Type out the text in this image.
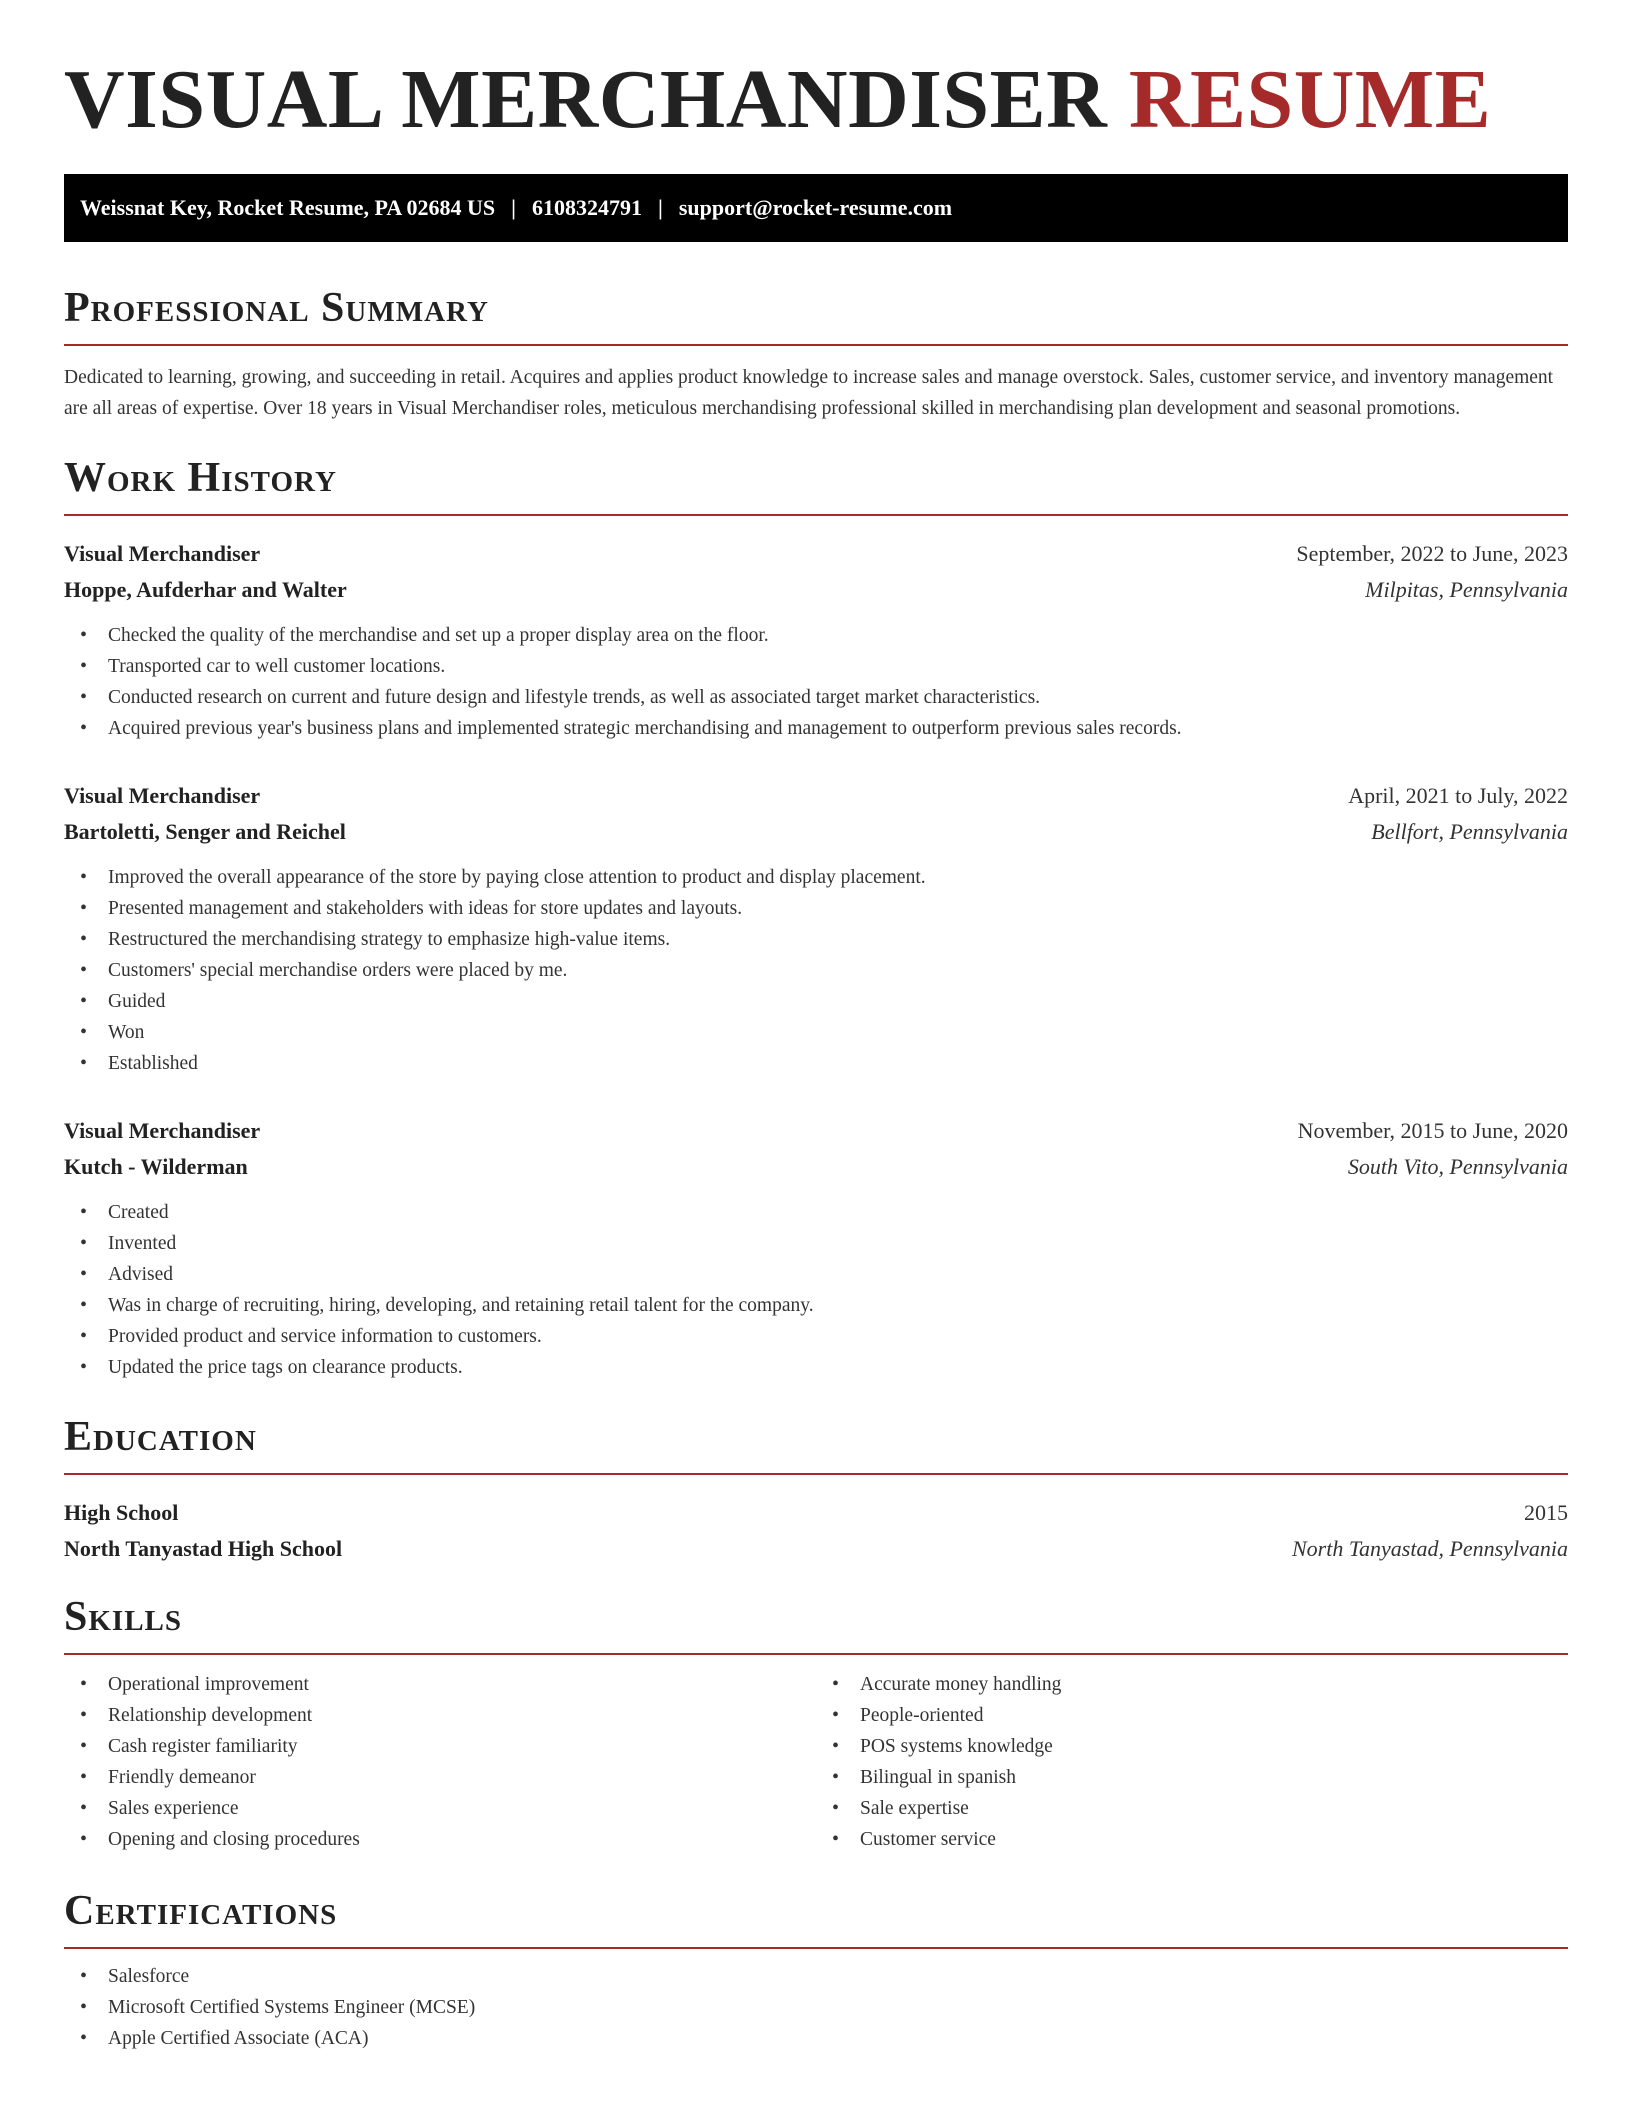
VISUAL MERCHANDISER RESUME
Weissnat Key, Rocket Resume, PA 02684 US | 6108324791 | support@rocket-resume.com
Professional Summary

Dedicated to learning, growing, and succeeding in retail. Acquires and applies product knowledge to increase sales and manage overstock. Sales, customer service, and inventory management are all areas of expertise. Over 18 years in Visual Merchandiser roles, meticulous merchandising professional skilled in merchandising plan development and seasonal promotions.

Work History
Visual Merchandiser	September, 2022 to June, 2023
Hoppe, Aufderhar and Walter	Milpitas, Pennsylvania
• Checked the quality of the merchandise and set up a proper display area on the floor.
• Transported car to well customer locations.
• Conducted research on current and future design and lifestyle trends, as well as associated target market characteristics.
• Acquired previous year's business plans and implemented strategic merchandising and management to outperform previous sales records.
Visual Merchandiser	April, 2021 to July, 2022
Bartoletti, Senger and Reichel	Bellfort, Pennsylvania
• Improved the overall appearance of the store by paying close attention to product and display placement.
• Presented management and stakeholders with ideas for store updates and layouts.
• Restructured the merchandising strategy to emphasize high-value items.
• Customers' special merchandise orders were placed by me.
• Guided
• Won
• Established
Visual Merchandiser	November, 2015 to June, 2020
Kutch - Wilderman	South Vito, Pennsylvania
• Created
• Invented
• Advised
• Was in charge of recruiting, hiring, developing, and retaining retail talent for the company.
• Provided product and service information to customers.
• Updated the price tags on clearance products.
Education
High School	2015
North Tanyastad High School	North Tanyastad, Pennsylvania
Skills
• Operational improvement
• Relationship development
• Cash register familiarity
• Friendly demeanor
• Sales experience
• Opening and closing procedures
• Accurate money handling
• People-oriented
• POS systems knowledge
• Bilingual in spanish
• Sale expertise
• Customer service
Certifications
• Salesforce
• Microsoft Certified Systems Engineer (MCSE)
• Apple Certified Associate (ACA)
